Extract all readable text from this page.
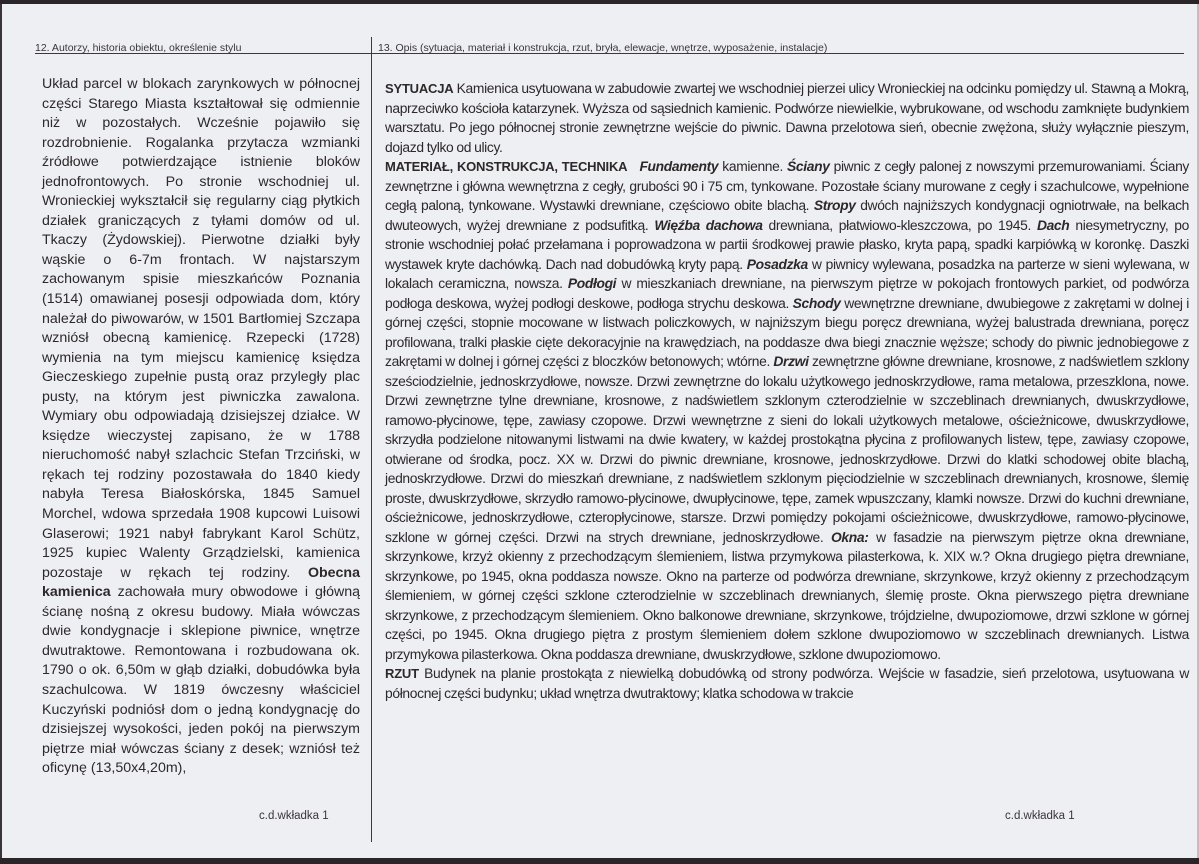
12. Autorzy, historia obiektu, określenie stylu	13. Opis (sytuacja, materiał i konstrukcja, rzut, bryła, elewacje, wnętrze, wyposażenie, instalacje)

Układ parcel w blokach zarynkowych w północnej części Starego Miasta kształtował się odmiennie niż w pozostałych. Wcześnie pojawiło się rozdrobnienie. Rogalanka przytacza wzmianki źródłowe potwierdzające istnienie bloków jednofrontowych. Po stronie wschodniej ul. Wronieckiej wykształcił się regularny ciąg płytkich działek graniczących z tyłami domów od ul. Tkaczy (Żydowskiej). Pierwotne działki były wąskie o 6-7m frontach. W najstarszym zachowanym spisie mieszkańców Poznania (1514) omawianej posesji odpowiada dom, który należał do piwowarów, w 1501 Bartłomiej Szczapa wzniósł obecną kamienicę. Rzepecki (1728) wymienia na tym miejscu kamienicę księdza Gieczeskiego zupełnie pustą oraz przyległy plac pusty, na którym jest piwniczka zawalona. Wymiary obu odpowiadają dzisiejszej działce. W księdze wieczystej zapisano, że w 1788 nieruchomość nabył szlachcic Stefan Trzciński, w rękach tej rodziny pozostawała do 1840 kiedy nabyła Teresa Białoskórska, 1845 Samuel Morchel, wdowa sprzedała 1908 kupcowi Luisowi Glaserowi; 1921 nabył fabrykant Karol Schütz, 1925 kupiec Walenty Grządzielski, kamienica pozostaje w rękach tej rodziny. Obecna kamienica zachowała mury obwodowe i główną ścianę nośną z okresu budowy. Miała wówczas dwie kondygnacje i sklepione piwnice, wnętrze dwutraktowe. Remontowana i rozbudowana ok. 1790 o ok. 6,50m w głąb działki, dobudówka była szachulcowa. W 1819 ówczesny właściciel Kuczyński podniósł dom o jedną kondygnację do dzisiejszej wysokości, jeden pokój na pierwszym piętrze miał wówczas ściany z desek; wzniósł też oficynę (13,50x4,20m),

SYTUACJA Kamienica usytuowana w zabudowie zwartej we wschodniej pierzei ulicy Wronieckiej na odcinku pomiędzy ul. Stawną a Mokrą, naprzeciwko kościoła katarzynek. Wyższa od sąsiednich kamienic. Podwórze niewielkie, wybrukowane, od wschodu zamknięte budynkiem warsztatu. Po jego północnej stronie zewnętrzne wejście do piwnic. Dawna przelotowa sień, obecnie zwężona, służy wyłącznie pieszym, dojazd tylko od ulicy.

MATERIAŁ, KONSTRUKCJA, TECHNIKA Fundamenty kamienne. Ściany piwnic z cegły palonej z nowszymi przemurowaniami. Ściany zewnętrzne i główna wewnętrzna z cegły, grubości 90 i 75 cm, tynkowane. Pozostałe ściany murowane z cegły i szachulcowe, wypełnione cegłą paloną, tynkowane. Wystawki drewniane, częściowo obite blachą. Stropy dwóch najniższych kondygnacji ogniotrwałe, na belkach dwuteowych, wyżej drewniane z podsufitką. Więźba dachowa drewniana, płatwiowo-kleszczowa, po 1945. Dach niesymetryczny, po stronie wschodniej połać przełamana i poprowadzona w partii środkowej prawie płasko, kryta papą, spadki karpiówką w koronkę. Daszki wystawek kryte dachówką. Dach nad dobudówką kryty papą. Posadzka w piwnicy wylewana, posadzka na parterze w sieni wylewana, w lokalach ceramiczna, nowsza. Podłogi w mieszkaniach drewniane, na pierwszym piętrze w pokojach frontowych parkiet, od podwórza podłoga deskowa, wyżej podłogi deskowe, podłoga strychu deskowa. Schody wewnętrzne drewniane, dwubiegowe z zakrętami w dolnej i górnej części, stopnie mocowane w listwach policzkowych, w najniższym biegu poręcz drewniana, wyżej balustrada drewniana, poręcz profilowana, tralki płaskie cięte dekoracyjnie na krawędziach, na poddasze dwa biegi znacznie węższe; schody do piwnic jednobiegowe z zakrętami w dolnej i górnej części z bloczków betonowych; wtórne. Drzwi zewnętrzne główne drewniane, krosnowe, z nadświetlem szklony sześciodzielnie, jednoskrzydłowe, nowsze. Drzwi zewnętrzne do lokalu użytkowego jednoskrzydłowe, rama metalowa, przeszklona, nowe. Drzwi zewnętrzne tylne drewniane, krosnowe, z nadświetlem szklonym czterodzielnie w szczeblinach drewnianych, dwuskrzydłowe, ramowo-płycinowe, tępe, zawiasy czopowe. Drzwi wewnętrzne z sieni do lokali użytkowych metalowe, ościeżnicowe, dwuskrzydłowe, skrzydła podzielone nitowanymi listwami na dwie kwatery, w każdej prostokątna płycina z profilowanych listew, tępe, zawiasy czopowe, otwierane od środka, pocz. XX w. Drzwi do piwnic drewniane, krosnowe, jednoskrzydłowe. Drzwi do klatki schodowej obite blachą, jednoskrzydłowe. Drzwi do mieszkań drewniane, z nadświetlem szklonym pięciodzielnie w szczeblinach drewnianych, krosnowe, ślemię proste, dwuskrzydłowe, skrzydło ramowo-płycinowe, dwupłycinowe, tępe, zamek wpuszczany, klamki nowsze. Drzwi do kuchni drewniane, ościeżnicowe, jednoskrzydłowe, czteropłycinowe, starsze. Drzwi pomiędzy pokojami ościeżnicowe, dwuskrzydłowe, ramowo-płycinowe, szklone w górnej części. Drzwi na strych drewniane, jednoskrzydłowe. Okna: w fasadzie na pierwszym piętrze okna drewniane, skrzynkowe, krzyż okienny z przechodzącym ślemieniem, listwa przymykowa pilasterkowa, k. XIX w.? Okna drugiego piętra drewniane, skrzynkowe, po 1945, okna poddasza nowsze. Okno na parterze od podwórza drewniane, skrzynkowe, krzyż okienny z przechodzącym ślemieniem, w górnej części szklone czterodzielnie w szczeblinach drewnianych, ślemię proste. Okna pierwszego piętra drewniane skrzynkowe, z przechodzącym ślemieniem. Okno balkonowe drewniane, skrzynkowe, trójdzielne, dwupoziomowe, drzwi szklone w górnej części, po 1945. Okna drugiego piętra z prostym ślemieniem dołem szklone dwupoziomowo w szczeblinach drewnianych. Listwa przymykowa pilasterkowa. Okna poddasza drewniane, dwuskrzydłowe, szklone dwupoziomowo.

RZUT Budynek na planie prostokąta z niewielką dobudówką od strony podwórza. Wejście w fasadzie, sień przelotowa, usytuowana w północnej części budynku; układ wnętrza dwutraktowy; klatka schodowa w trakcie

c.d.wkładka 1	c.d.wkładka 1
